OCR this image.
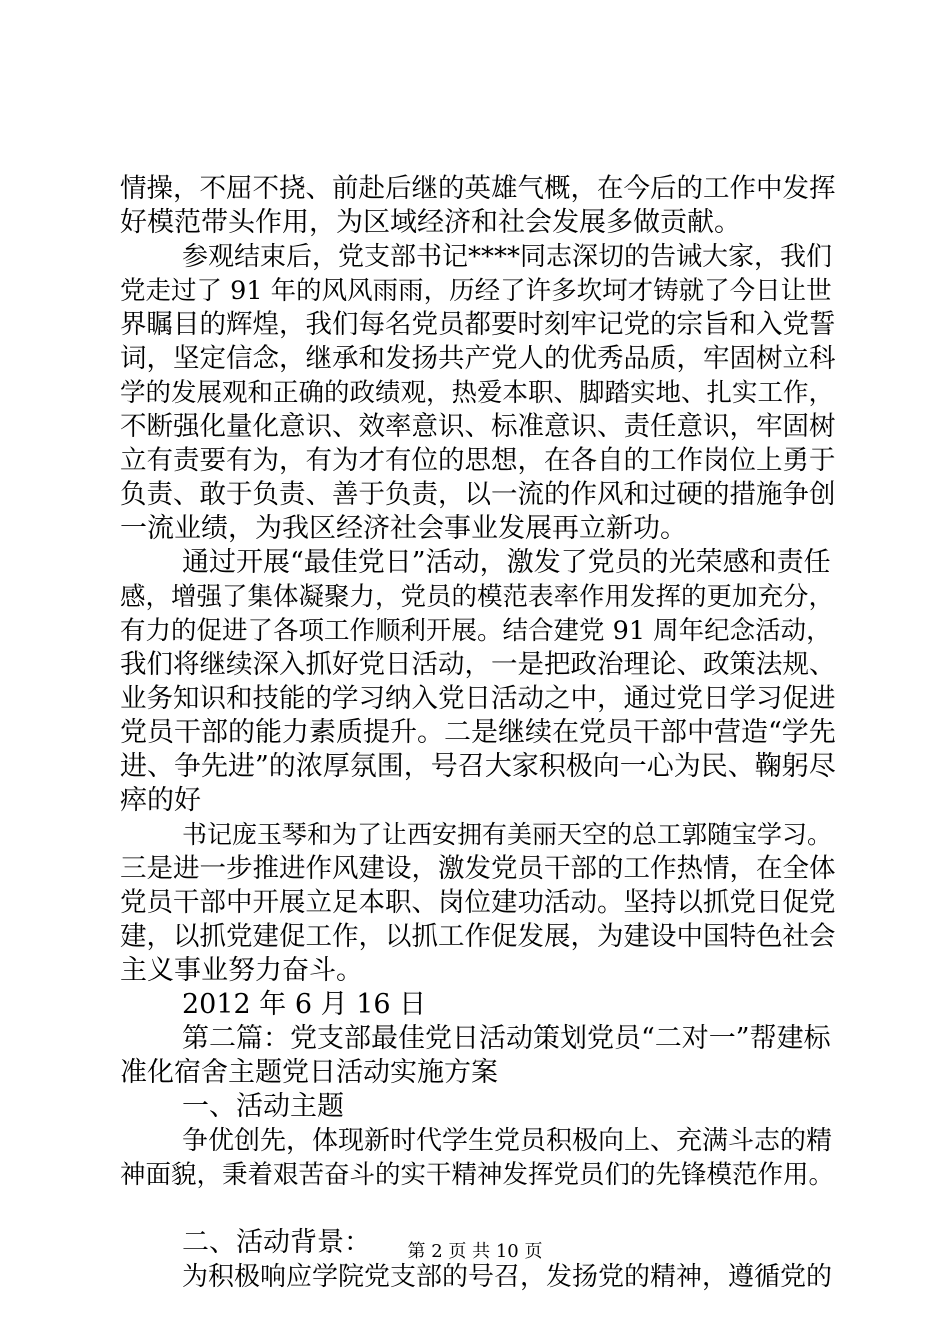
情操，不屈不挠、前赴后继的英雄气概，在今后的工作中发挥
好模范带头作用，为区域经济和社会发展多做贡献。
参观结束后，党支部书记****同志深切的告诫大家，我们
党走过了 91 年的风风雨雨，历经了许多坎坷才铸就了今日让世
界瞩目的辉煌，我们每名党员都要时刻牢记党的宗旨和入党誓
词，坚定信念，继承和发扬共产党人的优秀品质，牢固树立科
学的发展观和正确的政绩观，热爱本职、脚踏实地、扎实工作，
不断强化量化意识、效率意识、标准意识、责任意识，牢固树
立有责要有为，有为才有位的思想，在各自的工作岗位上勇于
负责、敢于负责、善于负责，以一流的作风和过硬的措施争创
一流业绩，为我区经济社会事业发展再立新功。
通过开展“最佳党日”活动，激发了党员的光荣感和责任
感，增强了集体凝聚力，党员的模范表率作用发挥的更加充分，
有力的促进了各项工作顺利开展。结合建党 91 周年纪念活动，
我们将继续深入抓好党日活动，一是把政治理论、政策法规、
业务知识和技能的学习纳入党日活动之中，通过党日学习促进
党员干部的能力素质提升。二是继续在党员干部中营造“学先
进、争先进”的浓厚氛围，号召大家积极向一心为民、鞠躬尽
瘁的好
书记庞玉琴和为了让西安拥有美丽天空的总工郭随宝学习。
三是进一步推进作风建设，激发党员干部的工作热情，在全体
党员干部中开展立足本职、岗位建功活动。坚持以抓党日促党
建，以抓党建促工作，以抓工作促发展，为建设中国特色社会
主义事业努力奋斗。
2012 年 6 月 16 日
第二篇：党支部最佳党日活动策划党员“二对一”帮建标
准化宿舍主题党日活动实施方案
一、活动主题
争优创先，体现新时代学生党员积极向上、充满斗志的精
神面貌，秉着艰苦奋斗的实干精神发挥党员们的先锋模范作用。
二、活动背景：
为积极响应学院党支部的号召，发扬党的精神，遵循党的
第 2 页 共 10 页
